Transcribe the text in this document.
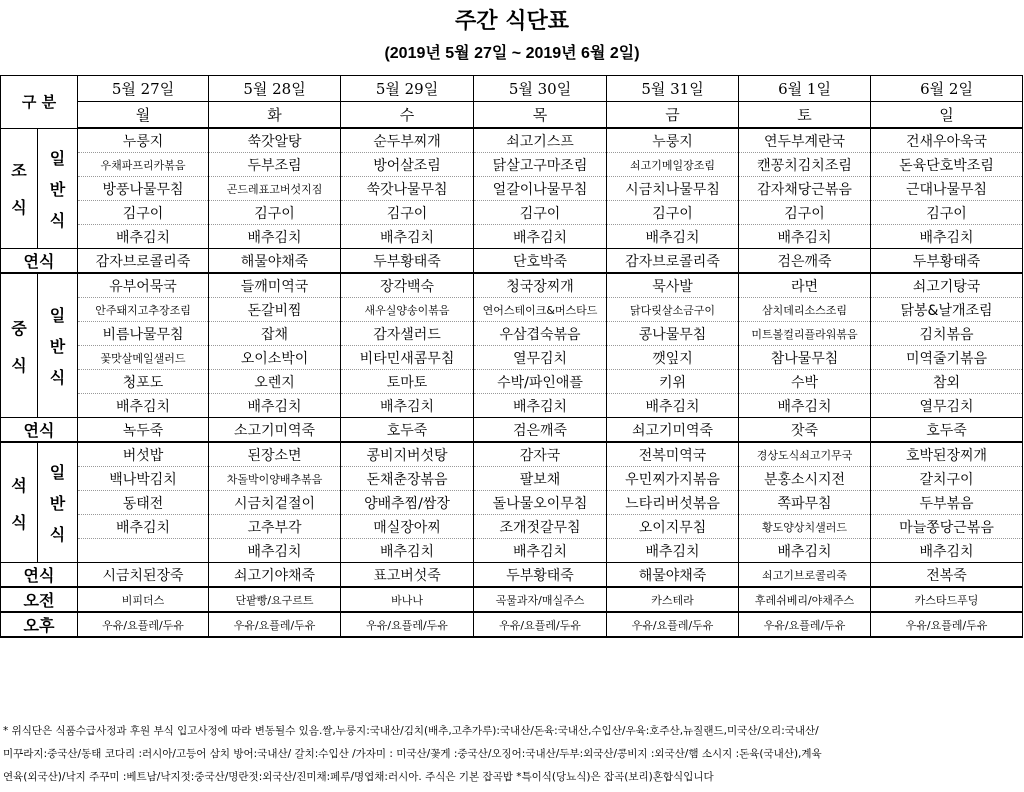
주간 식단표
(2019년 5월 27일 ~ 2019년 6월 2일)
구 분		5월 27일	5월 28일	5월 29일	5월 30일	5월 31일	6월 1일	6월 2일
		월	화	수	목	금	토	일

조
식	일
반
식	누룽지	쑥갓알탕	순두부찌개	쇠고기스프	누룽지	연두부계란국	건새우아욱국
		우채파프리카볶음	두부조림	방어살조림	닭살고구마조림	쇠고기메일장조림	캔꽁치김치조림	돈육단호박조림
		방풍나물무침	곤드레표고버섯지짐	쑥갓나물무침	얼갈이나물무침	시금치나물무침	감자채당근볶음	근대나물무침
		김구이	김구이	김구이	김구이	김구이	김구이	김구이
		배추김치	배추김치	배추김치	배추김치	배추김치	배추김치	배추김치
연식		감자브로콜리죽	해물야채죽	두부황태죽	단호박죽	감자브로콜리죽	검은깨죽	두부황태죽

중
식	일
반
식	유부어묵국	들깨미역국	장각백숙	청국장찌개	묵사발	라면	쇠고기탕국
		안주돼지고추장조림	돈갈비찜	새우실양송이볶음	연어스테이크&머스타드	닭다릿살소금구이	삼치데리소스조림	닭봉&날개조림
		비름나물무침	잡채	감자샐러드	우삼겹숙볶음	콩나물무침	미트볼컬리플라워볶음	김치볶음
		꽃맛살메일샐러드	오이소박이	비타민새콤무침	열무김치	깻잎지	참나물무침	미역줄기볶음
		청포도	오렌지	토마토	수박/파인애플	키위	수박	참외
		배추김치	배추김치	배추김치	배추김치	배추김치	배추김치	열무김치
연식		녹두죽	소고기미역죽	호두죽	검은깨죽	쇠고기미역죽	잣죽	호두죽

석
식	일
반
식	버섯밥	된장소면	콩비지버섯탕	감자국	전복미역국	경상도식쇠고기무국	호박된장찌개
		백나박김치	차돌박이양배추볶음	돈채춘장볶음	팔보채	우민찌가지볶음	분홍소시지전	갈치구이
		동태전	시금치겉절이	양배추찜/쌈장	돌나물오이무침	느타리버섯볶음	쪽파무침	두부볶음
		배추김치	고추부각	매실장아찌	조개젓갈무침	오이지무침	황도양상치샐러드	마늘쫑당근볶음
			배추김치	배추김치	배추김치	배추김치	배추김치	배추김치
연식		시금치된장죽	쇠고기야채죽	표고버섯죽	두부황태죽	해물야채죽	쇠고기브로콜리죽	전복죽
오전		비피더스	단팥빵/요구르트	바나나	곡물과자/매실주스	카스테라	후레쉬베리/야채주스	카스타드푸딩
오후		우유/요플레/두유	우유/요플레/두유	우유/요플레/두유	우유/요플레/두유	우유/요플레/두유	우유/요플레/두유	우유/요플레/두유
* 위식단은 식품수급사정과 후원 부식 입고사정에 따라 변동될수 있음.쌀,누룽지:국내산/김치(배추,고추가루):국내산/돈육:국내산,수입산/우육:호주산,뉴질랜드,미국산/오리:국내산/
미꾸라지:중국산/동태 코다리 :러시아/고등어 삼치 방어:국내산/ 갈치:수입산 /가자미 : 미국산/꽃게 :중국산/오징어:국내산/두부:외국산/콩비지 :외국산/햄 소시지 :돈육(국내산),계육
연육(외국산)/낙지 주꾸미 :베트남/낙지젓:중국산/명란젓:외국산/진미채:페루/명엽채:러시아. 주식은 기본 잡곡밥 *특이식(당뇨식)은 잡곡(보리)혼합식입니다
